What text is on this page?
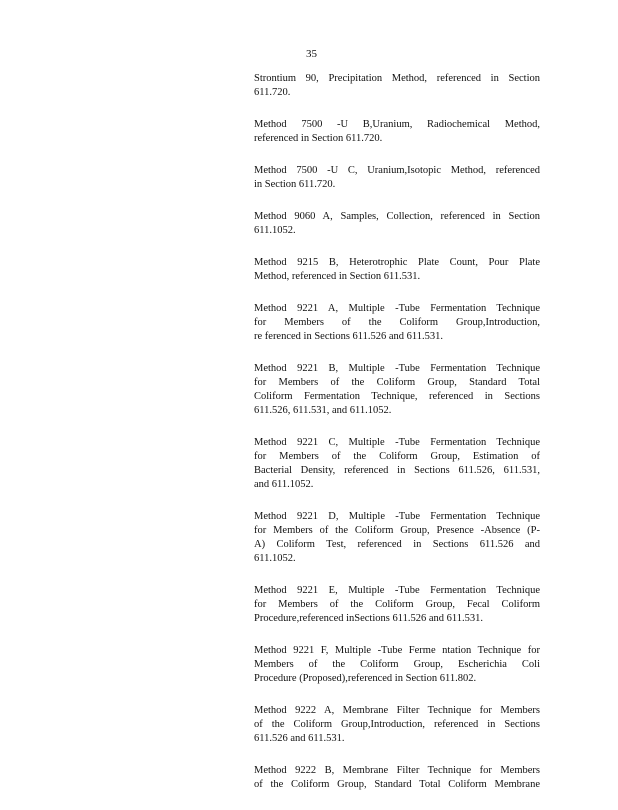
35
Strontium 90, Precipitation Method, referenced in Section
611.720.
Method 7500 -U B,Uranium, Radiochemical Method,
referenced in Section 611.720.
Method 7500 -U C, Uranium,Isotopic Method, referenced
in Section 611.720.
Method 9060 A, Samples, Collection, referenced in Section
611.1052.
Method 9215 B, Heterotrophic Plate Count, Pour Plate
Method, referenced in Section 611.531.
Method 9221 A, Multiple -Tube Fermentation Technique
for Members of the Coliform Group,Introduction,
re ferenced in Sections 611.526 and 611.531.
Method 9221 B, Multiple -Tube Fermentation Technique
for Members of the Coliform Group, Standard Total
Coliform Fermentation Technique, referenced in Sections
611.526, 611.531, and 611.1052.
Method 9221 C, Multiple -Tube Fermentation Technique
for Members of the Coliform Group, Estimation of
Bacterial Density, referenced in Sections 611.526, 611.531,
and 611.1052.
Method 9221 D, Multiple -Tube Fermentation Technique
for Members of the Coliform Group, Presence -Absence (P-
A) Coliform Test, referenced in Sections 611.526 and
611.1052.
Method 9221 E, Multiple -Tube Fermentation Technique
for Members of the Coliform Group, Fecal Coliform
Procedure,referenced inSections 611.526 and 611.531.
Method 9221 F, Multiple -Tube Ferme ntation Technique for
Members of the Coliform Group, Escherichia Coli
Procedure (Proposed),referenced in Section 611.802.
Method 9222 A, Membrane Filter Technique for Members
of the Coliform Group,Introduction, referenced in Sections
611.526 and 611.531.
Method 9222 B, Membrane Filter Technique for Members
of the Coliform Group, Standard Total Coliform Membrane
